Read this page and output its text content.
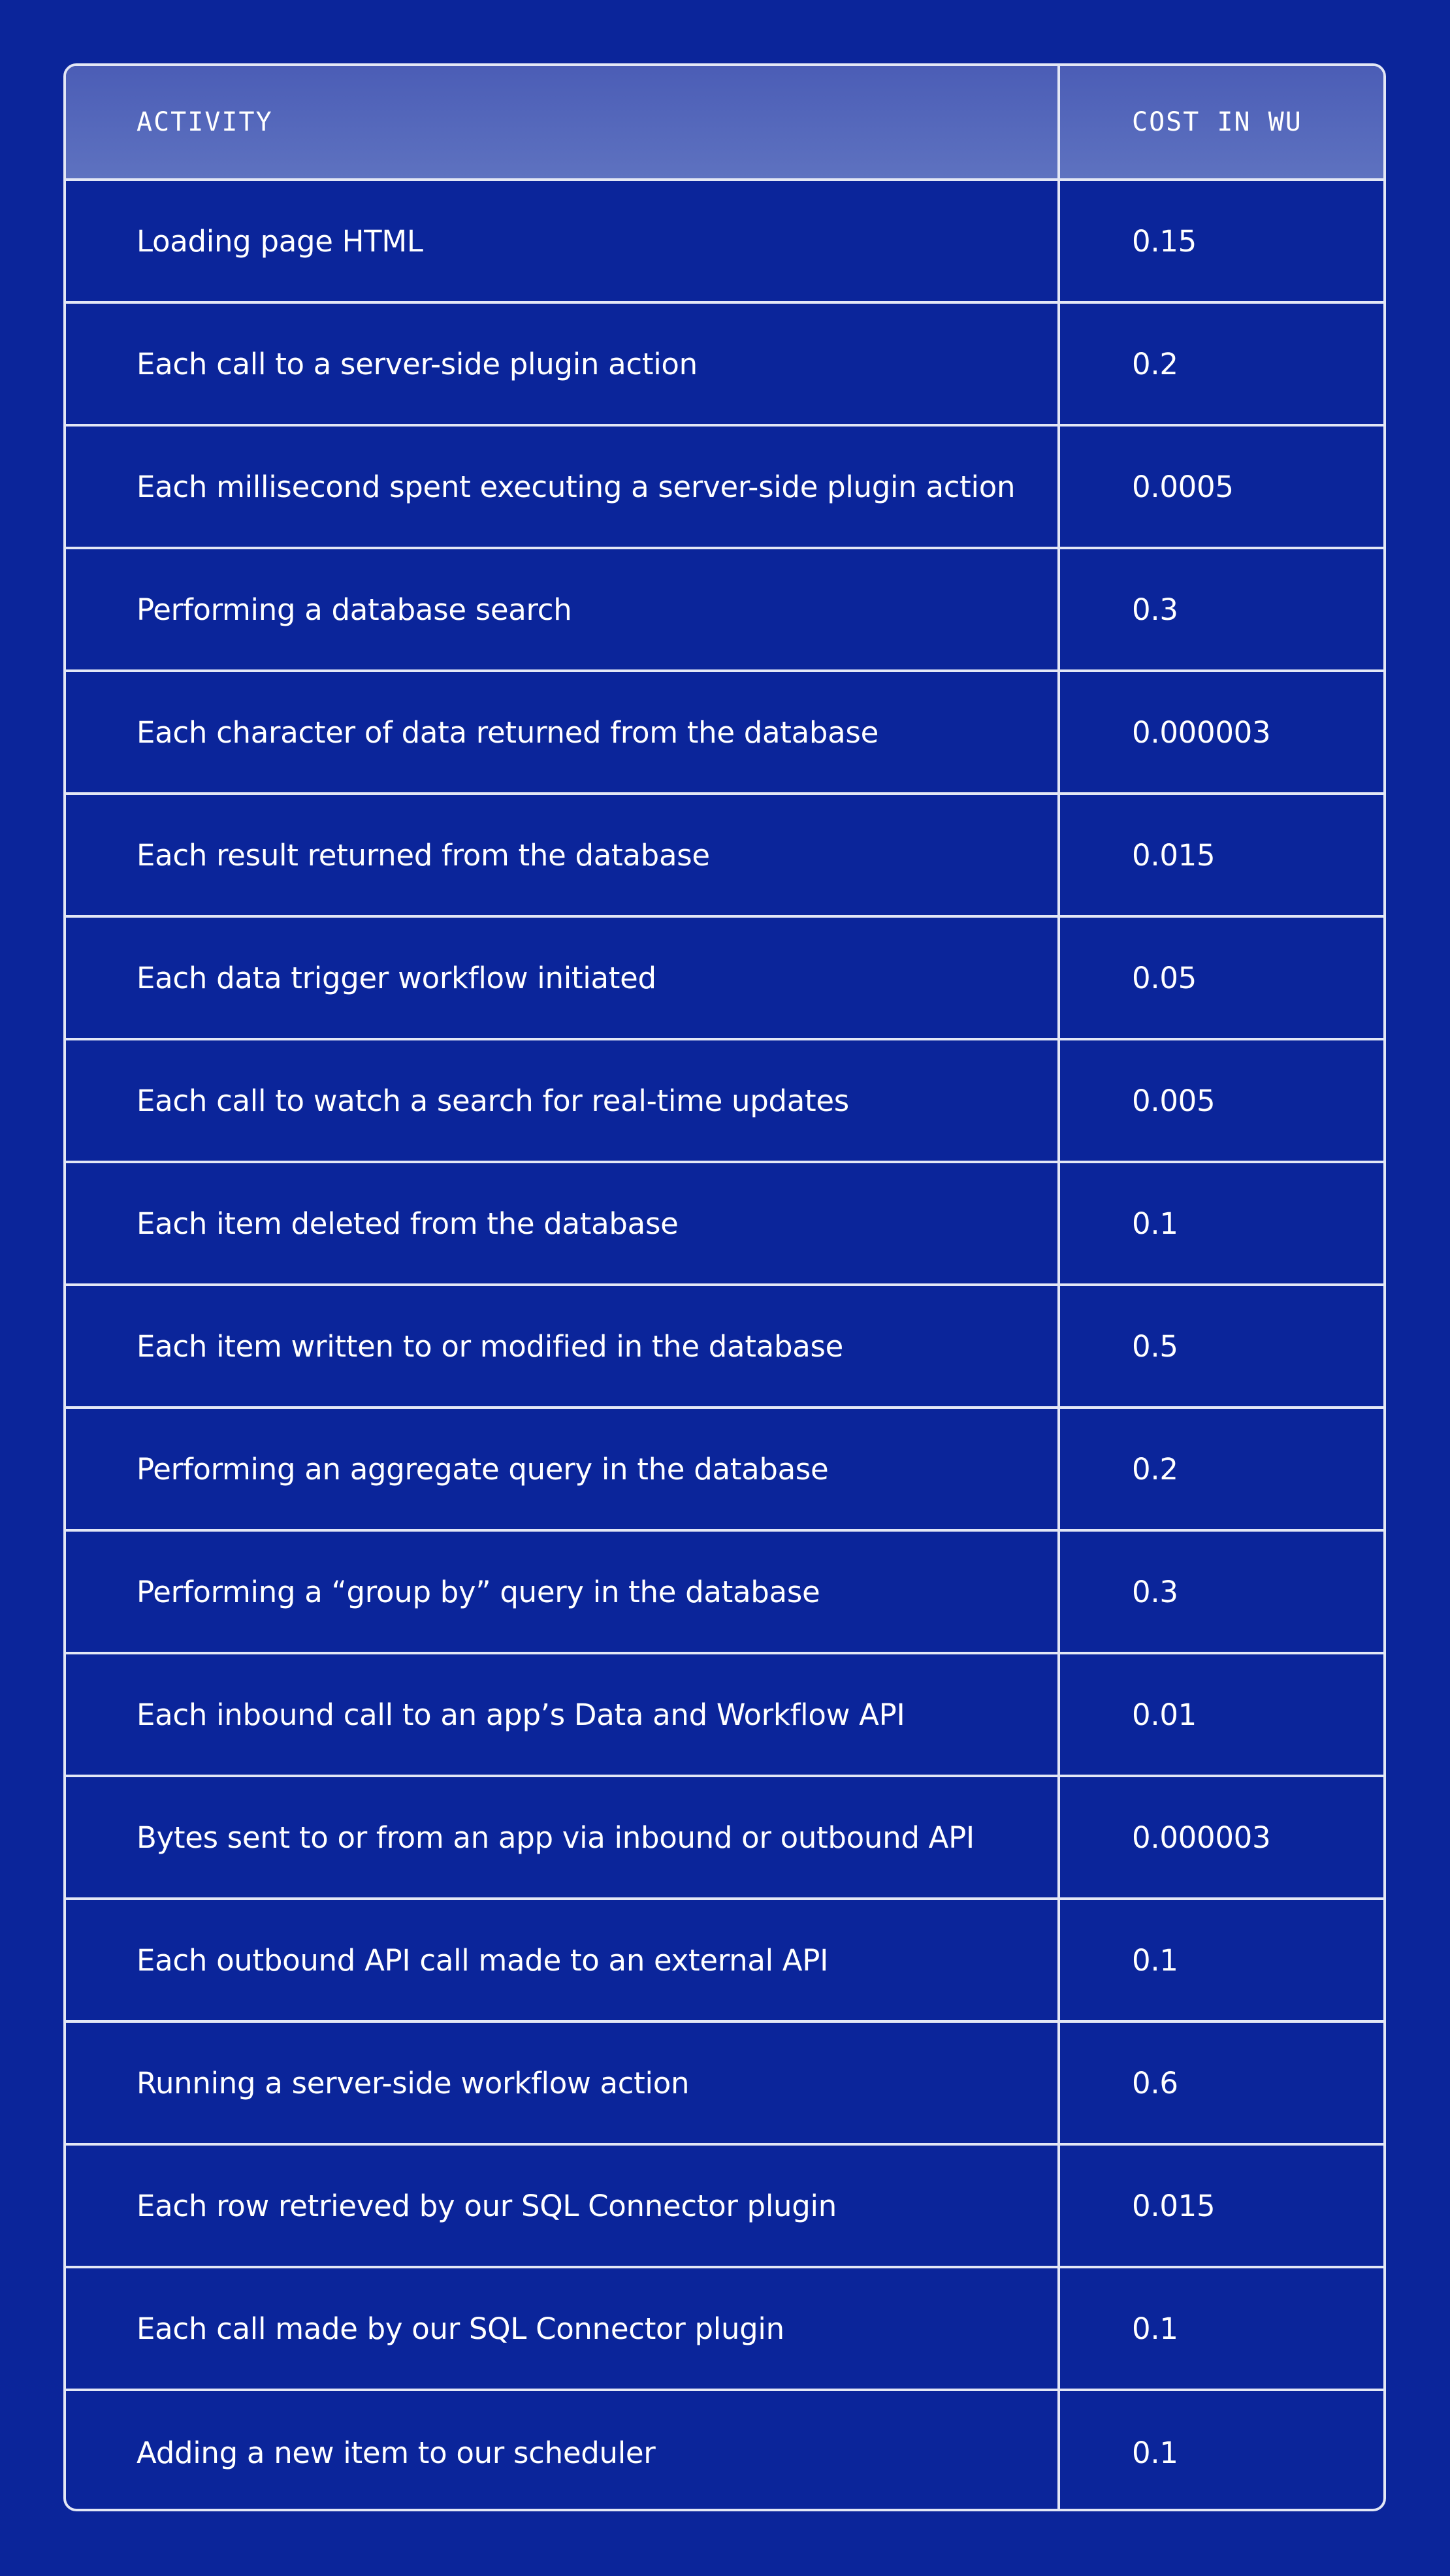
ACTIVITY	COST IN WU
Loading page HTML	0.15
Each call to a server-side plugin action	0.2
Each millisecond spent executing a server-side plugin action	0.0005
Performing a database search	0.3
Each character of data returned from the database	0.000003
Each result returned from the database	0.015
Each data trigger workflow initiated	0.05
Each call to watch a search for real-time updates	0.005
Each item deleted from the database	0.1
Each item written to or modified in the database	0.5
Performing an aggregate query in the database	0.2
Performing a “group by” query in the database	0.3
Each inbound call to an app’s Data and Workflow API	0.01
Bytes sent to or from an app via inbound or outbound API	0.000003
Each outbound API call made to an external API	0.1
Running a server-side workflow action	0.6
Each row retrieved by our SQL Connector plugin	0.015
Each call made by our SQL Connector plugin	0.1
Adding a new item to our scheduler	0.1
